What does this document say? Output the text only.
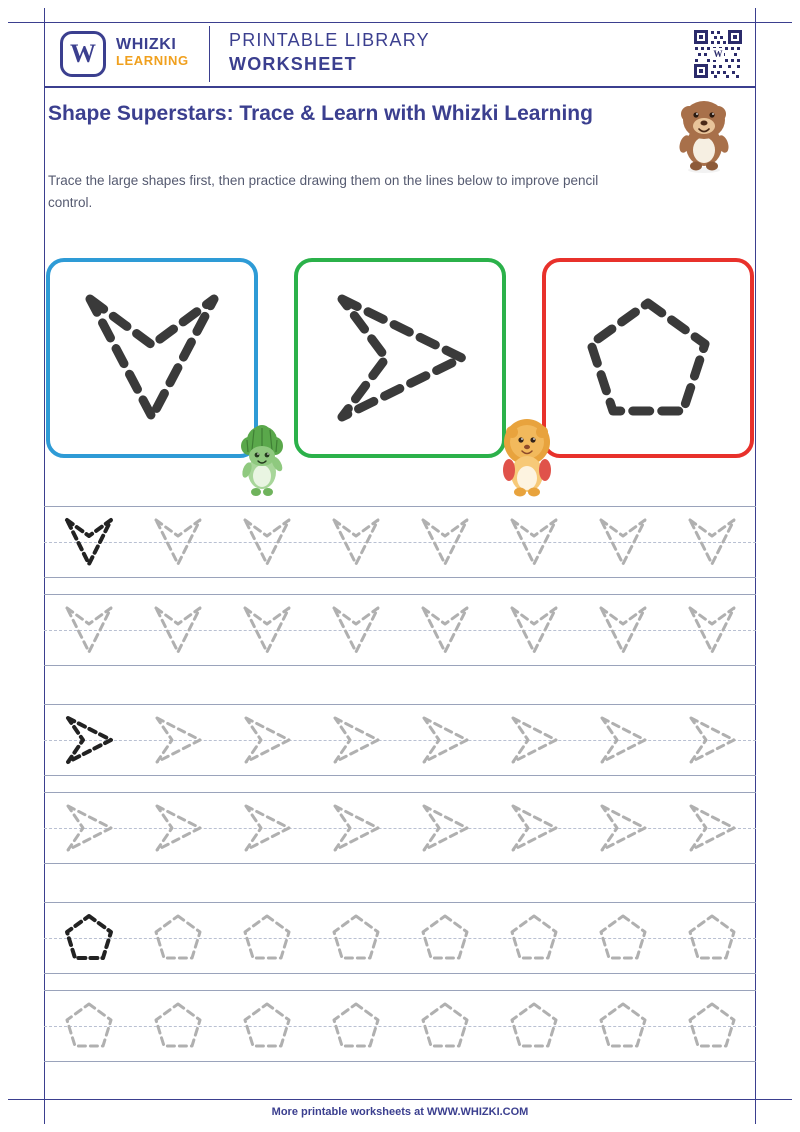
W WHIZKI
LEARNING
PRINTABLE LIBRARY
WORKSHEET	W
Shape Superstars: Trace & Learn with Whizki Learning
Trace the large shapes first, then practice drawing them on the lines below to improve pencil control.
More printable worksheets at WWW.WHIZKI.COM
